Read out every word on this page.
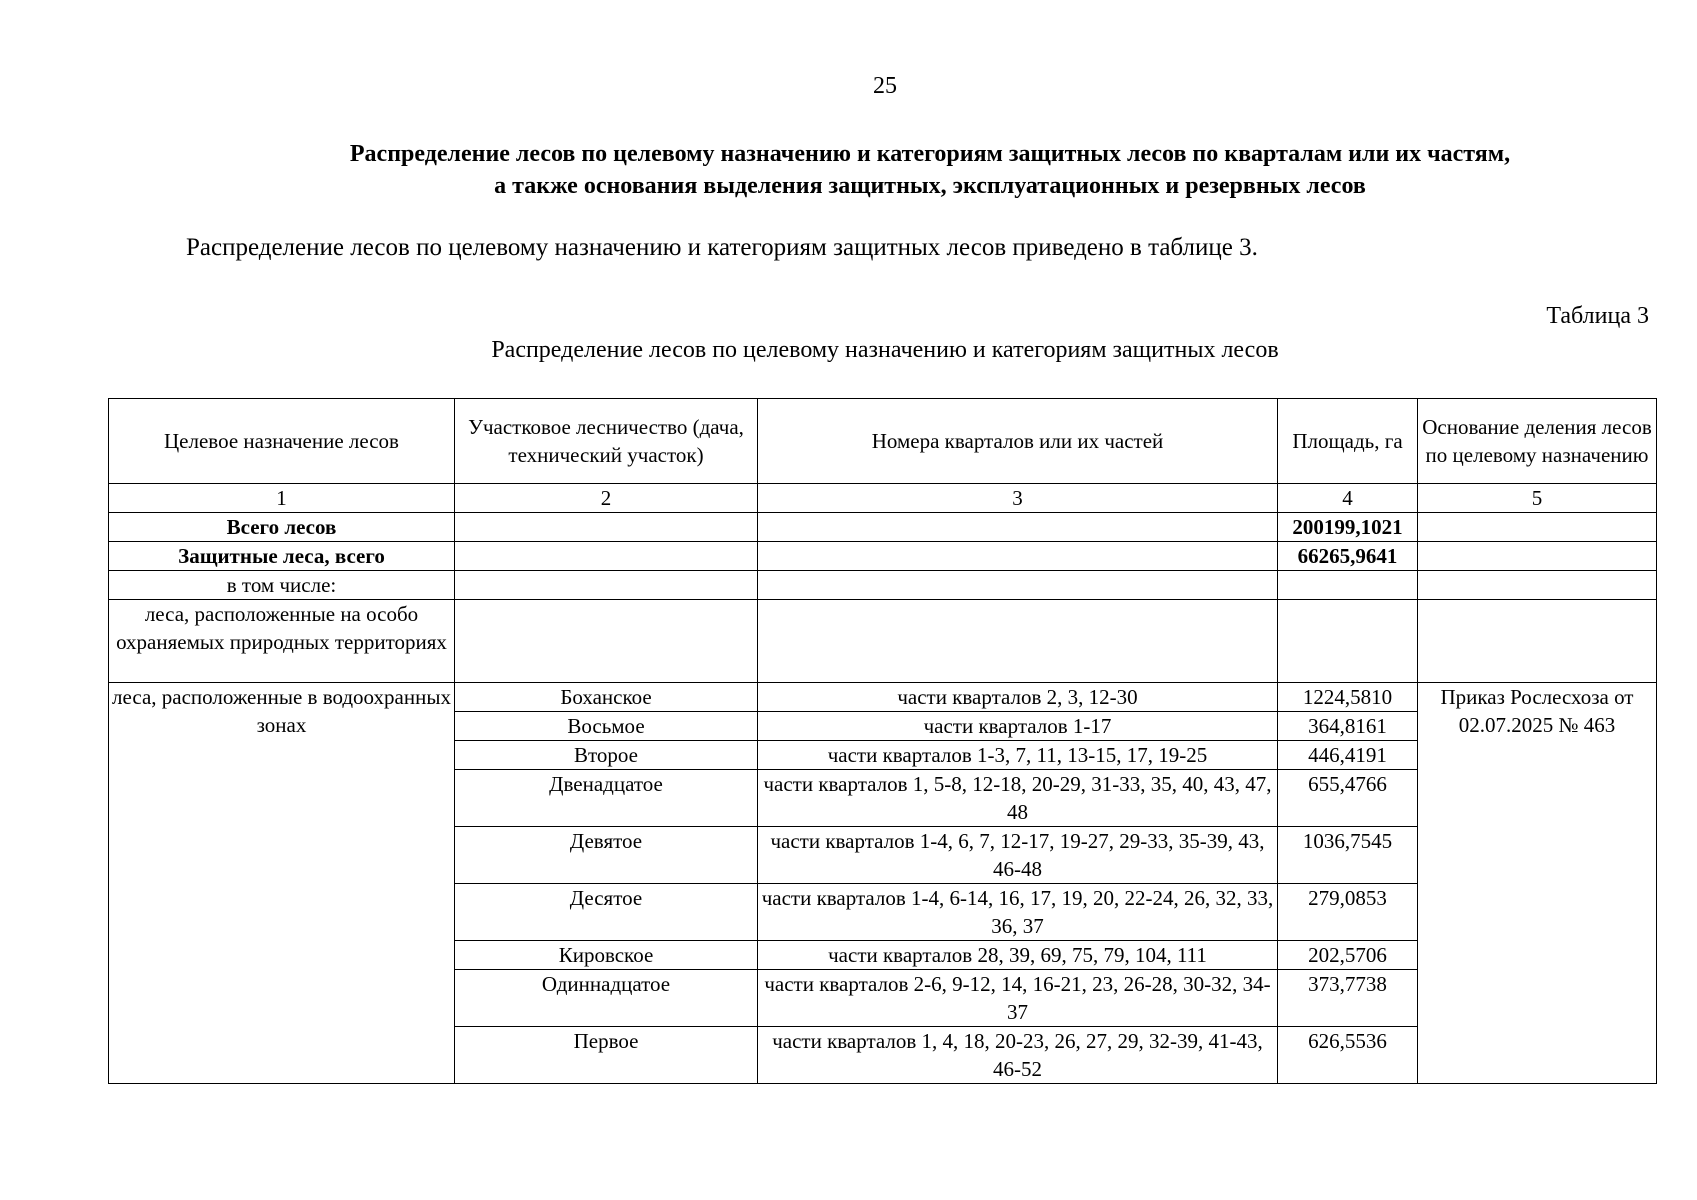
25
Распределение лесов по целевому назначению и категориям защитных лесов по кварталам или их частям,
а также основания выделения защитных, эксплуатационных и резервных лесов
Распределение лесов по целевому назначению и категориям защитных лесов приведено в таблице 3.
Таблица 3
Распределение лесов по целевому назначению и категориям защитных лесов
Целевое назначение лесов	Участковое лесничество (дача, технический участок)	Номера кварталов или их частей	Площадь, га	Основание деления лесов по целевому назначению
1	2	3	4	5
Всего лесов			200199,1021	
Защитные леса, всего			66265,9641	
в том числе:				
леса, расположенные на особо охраняемых природных территориях				
леса, расположенные в водоохранных зонах	Боханское	части кварталов 2, 3, 12-30	1224,5810	Приказ Рослесхоза от 02.07.2025 № 463
	Восьмое	части кварталов 1-17	364,8161	
	Второе	части кварталов 1-3, 7, 11, 13-15, 17, 19-25	446,4191	
	Двенадцатое	части кварталов 1, 5-8, 12-18, 20-29, 31-33, 35, 40, 43, 47, 48	655,4766	
	Девятое	части кварталов 1-4, 6, 7, 12-17, 19-27, 29-33, 35-39, 43, 46-48	1036,7545	
	Десятое	части кварталов 1-4, 6-14, 16, 17, 19, 20, 22-24, 26, 32, 33, 36, 37	279,0853	
	Кировское	части кварталов 28, 39, 69, 75, 79, 104, 111	202,5706	
	Одиннадцатое	части кварталов 2-6, 9-12, 14, 16-21, 23, 26-28, 30-32, 34-37	373,7738	
	Первое	части кварталов 1, 4, 18, 20-23, 26, 27, 29, 32-39, 41-43, 46-52	626,5536	
